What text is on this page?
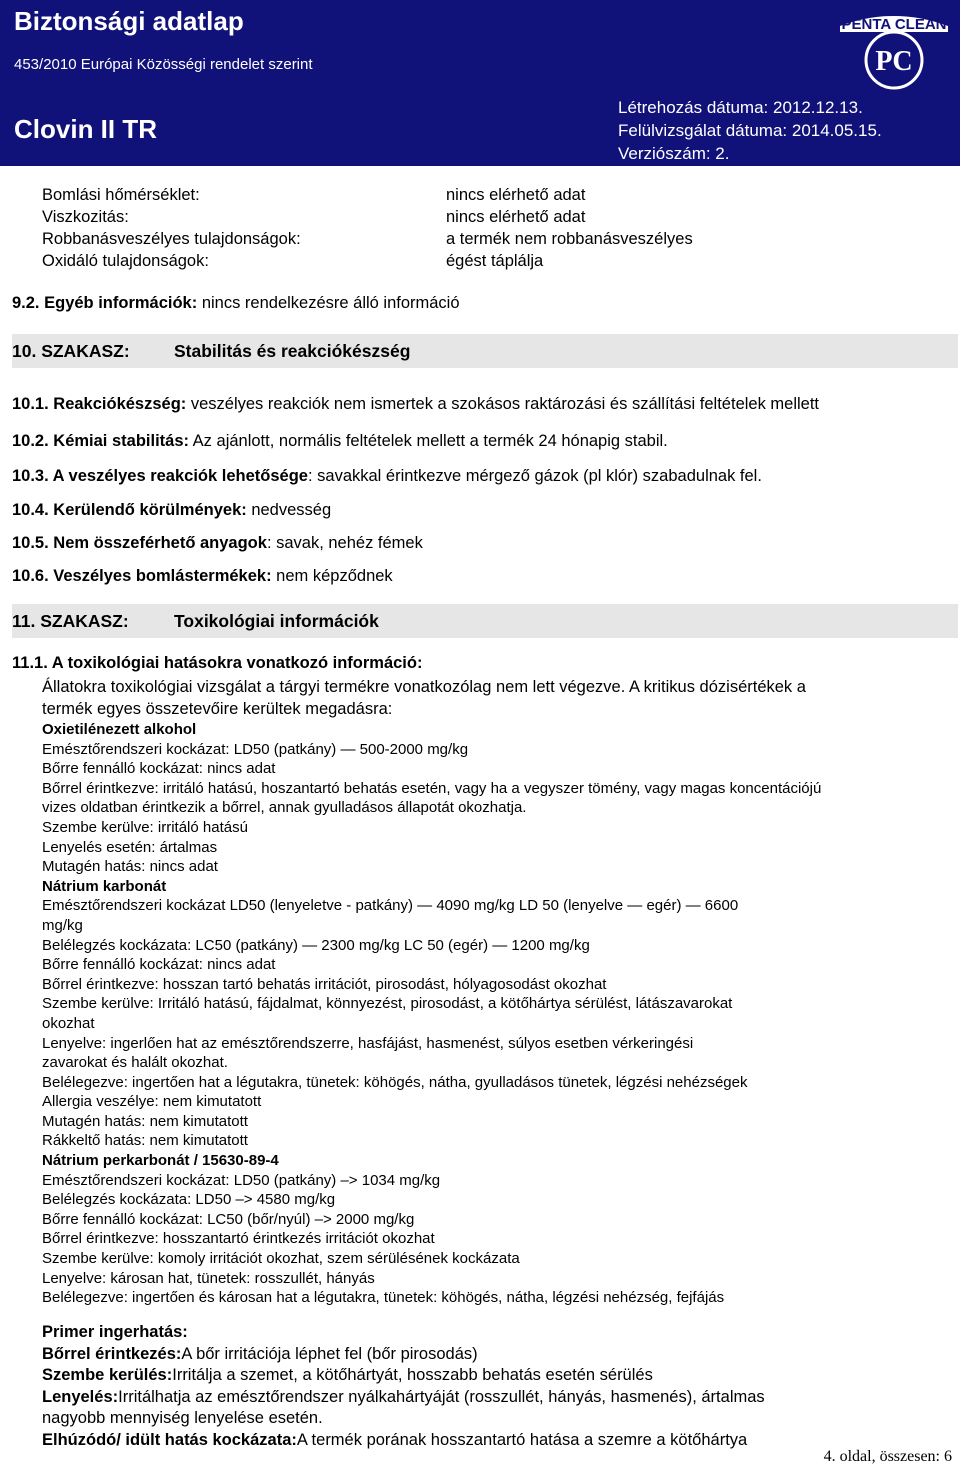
Biztonsági adatlap
453/2010 Európai Közösségi rendelet szerint
Clovin II TR
Létrehozás dátuma: 2012.12.13.
Felülvizsgálat dátuma: 2014.05.15.
Verziószám: 2.
PENTA CLEAN
PC
Bomlási hőmérséklet:
Viszkozitás:
Robbanásveszélyes tulajdonságok:
Oxidáló tulajdonságok:
nincs elérhető adat
nincs elérhető adat
a termék nem robbanásveszélyes
égést táplálja
9.2. Egyéb információk: nincs rendelkezésre álló információ
10. SZAKASZ:	Stabilitás és reakciókészség
10.1. Reakciókészség: veszélyes reakciók nem ismertek a szokásos raktározási és szállítási feltételek mellett
10.2. Kémiai stabilitás: Az ajánlott, normális feltételek mellett a termék 24 hónapig stabil.
10.3. A veszélyes reakciók lehetősége: savakkal érintkezve mérgező gázok (pl klór) szabadulnak fel.
10.4. Kerülendő körülmények: nedvesség
10.5. Nem összeférhető anyagok: savak, nehéz fémek
10.6. Veszélyes bomlástermékek: nem képződnek
11. SZAKASZ:	Toxikológiai információk
11.1. A toxikológiai hatásokra vonatkozó információ:
Állatokra toxikológiai vizsgálat a tárgyi termékre vonatkozólag nem lett végezve. A kritikus dózisértékek a
termék egyes összetevőire kerültek megadásra:
Oxietilénezett alkohol
Emésztőrendszeri kockázat: LD50 (patkány) — 500-2000 mg/kg
Bőrre fennálló kockázat: nincs adat
Bőrrel érintkezve: irritáló hatású, hoszantartó behatás esetén, vagy ha a vegyszer tömény, vagy magas koncentációjú
vizes oldatban érintkezik a bőrrel, annak gyulladásos állapotát okozhatja.
Szembe kerülve: irritáló hatású
Lenyelés esetén: ártalmas
Mutagén hatás: nincs adat
Nátrium karbonát
Emésztőrendszeri kockázat LD50 (lenyeletve - patkány) — 4090 mg/kg LD 50 (lenyelve — egér) — 6600
mg/kg
Belélegzés kockázata: LC50 (patkány) — 2300 mg/kg LC 50 (egér) — 1200 mg/kg
Bőrre fennálló kockázat: nincs adat
Bőrrel érintkezve: hosszan tartó behatás irritációt, pirosodást, hólyagosodást okozhat
Szembe kerülve: Irritáló hatású, fájdalmat, könnyezést, pirosodást, a kötőhártya sérülést, látászavarokat
okozhat
Lenyelve: ingerlően hat az emésztőrendszerre, hasfájást, hasmenést, súlyos esetben vérkeringési
zavarokat és halált okozhat.
Belélegezve: ingertően hat a légutakra, tünetek: köhögés, nátha, gyulladásos tünetek, légzési nehézségek
Allergia veszélye: nem kimutatott
Mutagén hatás: nem kimutatott
Rákkeltő hatás: nem kimutatott
Nátrium perkarbonát / 15630-89-4
Emésztőrendszeri kockázat: LD50 (patkány) –> 1034 mg/kg
Belélegzés kockázata: LD50 –> 4580 mg/kg
Bőrre fennálló kockázat: LC50 (bőr/nyúl) –> 2000 mg/kg
Bőrrel érintkezve: hosszantartó érintkezés irritációt okozhat
Szembe kerülve: komoly irritációt okozhat, szem sérülésének kockázata
Lenyelve: károsan hat, tünetek: rosszullét, hányás
Belélegezve: ingertően és károsan hat a légutakra, tünetek: köhögés, nátha, légzési nehézség, fejfájás
Primer ingerhatás:
Bőrrel érintkezés:A bőr irritációja léphet fel (bőr pirosodás)
Szembe kerülés:Irritálja a szemet, a kötőhártyát, hosszabb behatás esetén sérülés
Lenyelés:Irritálhatja az emésztőrendszer nyálkahártyáját (rosszullét, hányás, hasmenés), ártalmas
nagyobb mennyiség lenyelése esetén.
Elhúzódó/ idült hatás kockázata:A termék porának hosszantartó hatása a szemre a kötőhártya
4. oldal, összesen: 6
